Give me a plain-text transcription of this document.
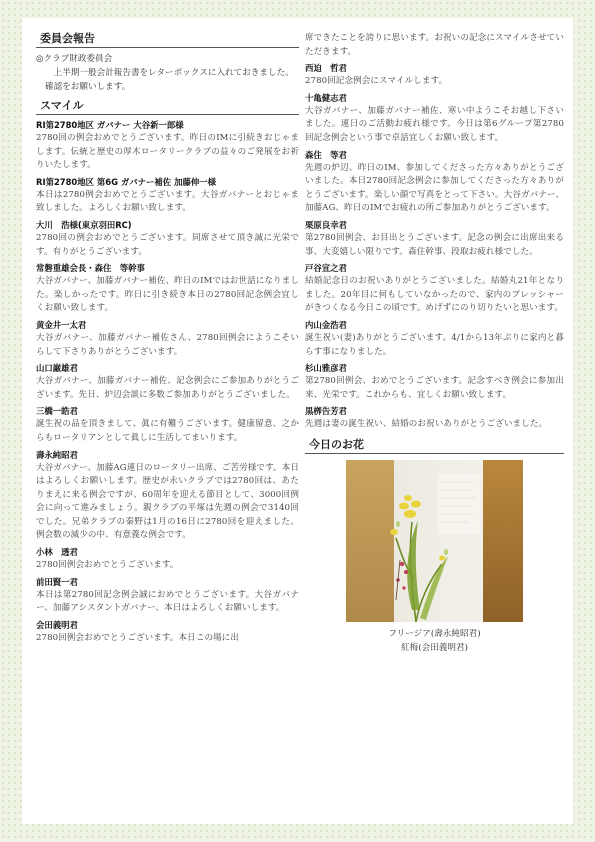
委員会報告
◎クラブ財政委員会
上半期一般会計報告書をレターボックスに入れておきました。確認をお願いします。
スマイル
RI第2780地区 ガバナー 大谷新一郎様
2780回の例会おめでとうございます。昨日のIMに引続きおじゃまします。伝統と歴史の厚木ロータリークラブの益々のご発展をお祈りいたします。
RI第2780地区 第6G ガバナー補佐 加藤伸一様
本日は2780例会おめでとうございます。大谷ガバナーとおじゃま致しました。よろしくお願い致します。
大川　浩様(東京羽田RC)
2780回の例会おめでとうございます。同席させて頂き誠に光栄です。有りがとうございます。
常磐重雄会長・森住　等幹事
大谷ガバナー、加藤ガバナー補佐、昨日のIMではお世話になりました。楽しかったです。昨日に引き続き本日の2780回記念例会宜しくお願い致します。
黄金井一太君
大谷ガバナー、加藤ガバナー補佐さん、2780回例会にようこそいらして下さりありがとうございます。
山口巌雄君
大谷ガバナー、加藤ガバナー補佐、記念例会にご参加ありがとうございます。先日、炉辺会談に多数ご参加ありがとうございました。
三橋一皓君
誕生祝の品を頂きまして、眞に有難うございます。健康留意、之からもロータリアンとして眞しに生活してまいります。
壽永純昭君
大谷ガバナー、加藤AG連日のロータリー出席、ご苦労様です。本日はよろしくお願いします。歴史が永いクラブでは2780回は、あたりまえに来る例会ですが、60周年を迎える節目として、3000回例会に向って進みましょう。親クラブの平塚は先週の例会で3140回でした。兄弟クラブの秦野は1月の16日に2780回を迎えました。例会数の減少の中、有意義な例会です。
小林　透君
2780回例会おめでとうございます。
前田賢一君
本日は第2780回記念例会誠におめでとうございます。大谷ガバナー、加藤アシスタントガバナー、本日はよろしくお願いします。
会田義明君
2780回例会おめでとうございます。本日この場に出
席できたことを誇りに思います。お祝いの記念にスマイルさせていただきます。
西迫　哲君
2780回記念例会にスマイルします。
十亀健志君
大谷ガバナー、加藤ガバナー補佐、寒い中ようこそお越し下さいました。連日のご活動お疲れ様です。今日は第6グループ第2780回記念例会という事で卓話宜しくお願い致します。
森住　等君
先週の炉辺、昨日のIM、参加してくださった方々ありがとうございました。本日2780回記念例会に参加してくださった方々ありがとうございます。楽しい顔で写真をとって下さい。大谷ガバナー、加藤AG、昨日のIMでお疲れの所ご参加ありがとうございます。
栗原良幸君
第2780回例会、お目出とうございます。記念の例会に出席出来る事、大変嬉しい限りです。森住幹事、段取お疲れ様でした。
戸谷宣之君
結婚記念日のお祝いありがとうございました。結婚丸21年となりました。20年目に何もしていなかったので、家内のプレッシャーがきつくなる今日この頃です。めげずにのり切りたいと思います。
内山金浩君
誕生祝い(妻)ありがとうございます。4/1から13年ぶりに家内と暮らす事になりました。
杉山雅彦君
第2780回例会、おめでとうございます。記念すべき例会に参加出来、光栄です。これからも、宜しくお願い致します。
黒栁告芳君
先週は妻の誕生祝い、結婚のお祝いありがとうございました。
今日のお花
フリージア(壽永純昭君)
紅梅(会田義明君)
